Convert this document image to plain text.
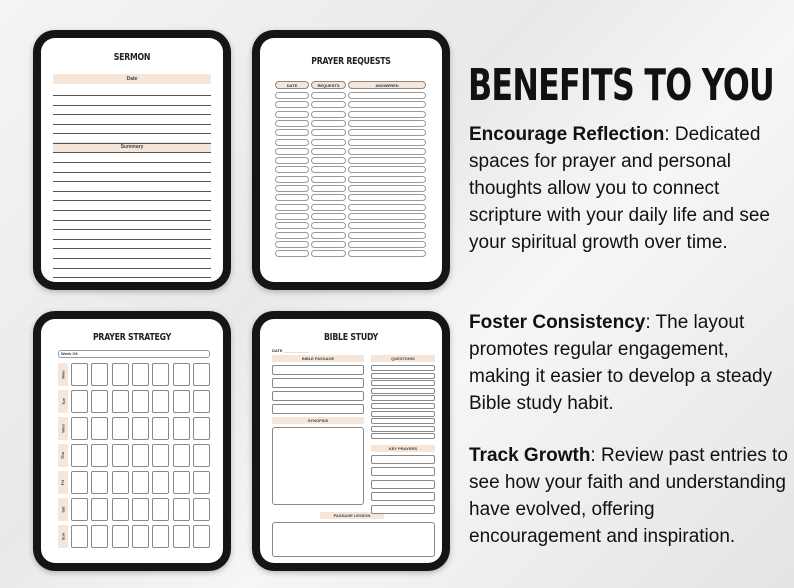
SERMON
Date
Summary
PRAYER REQUESTS
DATE	REQUESTS	ANSWERED
PRAYER STRATEGY
Week Of:
Mon
Tue
Wed
Thu
Fri
Sat
Sun
BIBLE STUDY
DATE ___________
BIBLE PASSAGE	QUESTIONS
SYNOPSIS
KEY PRAYERS
PASSAGE LESSON
BENEFITS TO YOU

Encourage Reflection: Dedicated spaces for prayer and personal thoughts allow you to connect scripture with your daily life and see your spiritual growth over time.

Foster Consistency: The layout promotes regular engagement, making it easier to develop a steady Bible study habit.

Track Growth: Review past entries to see how your faith and understanding have evolved, offering encouragement and inspiration.
